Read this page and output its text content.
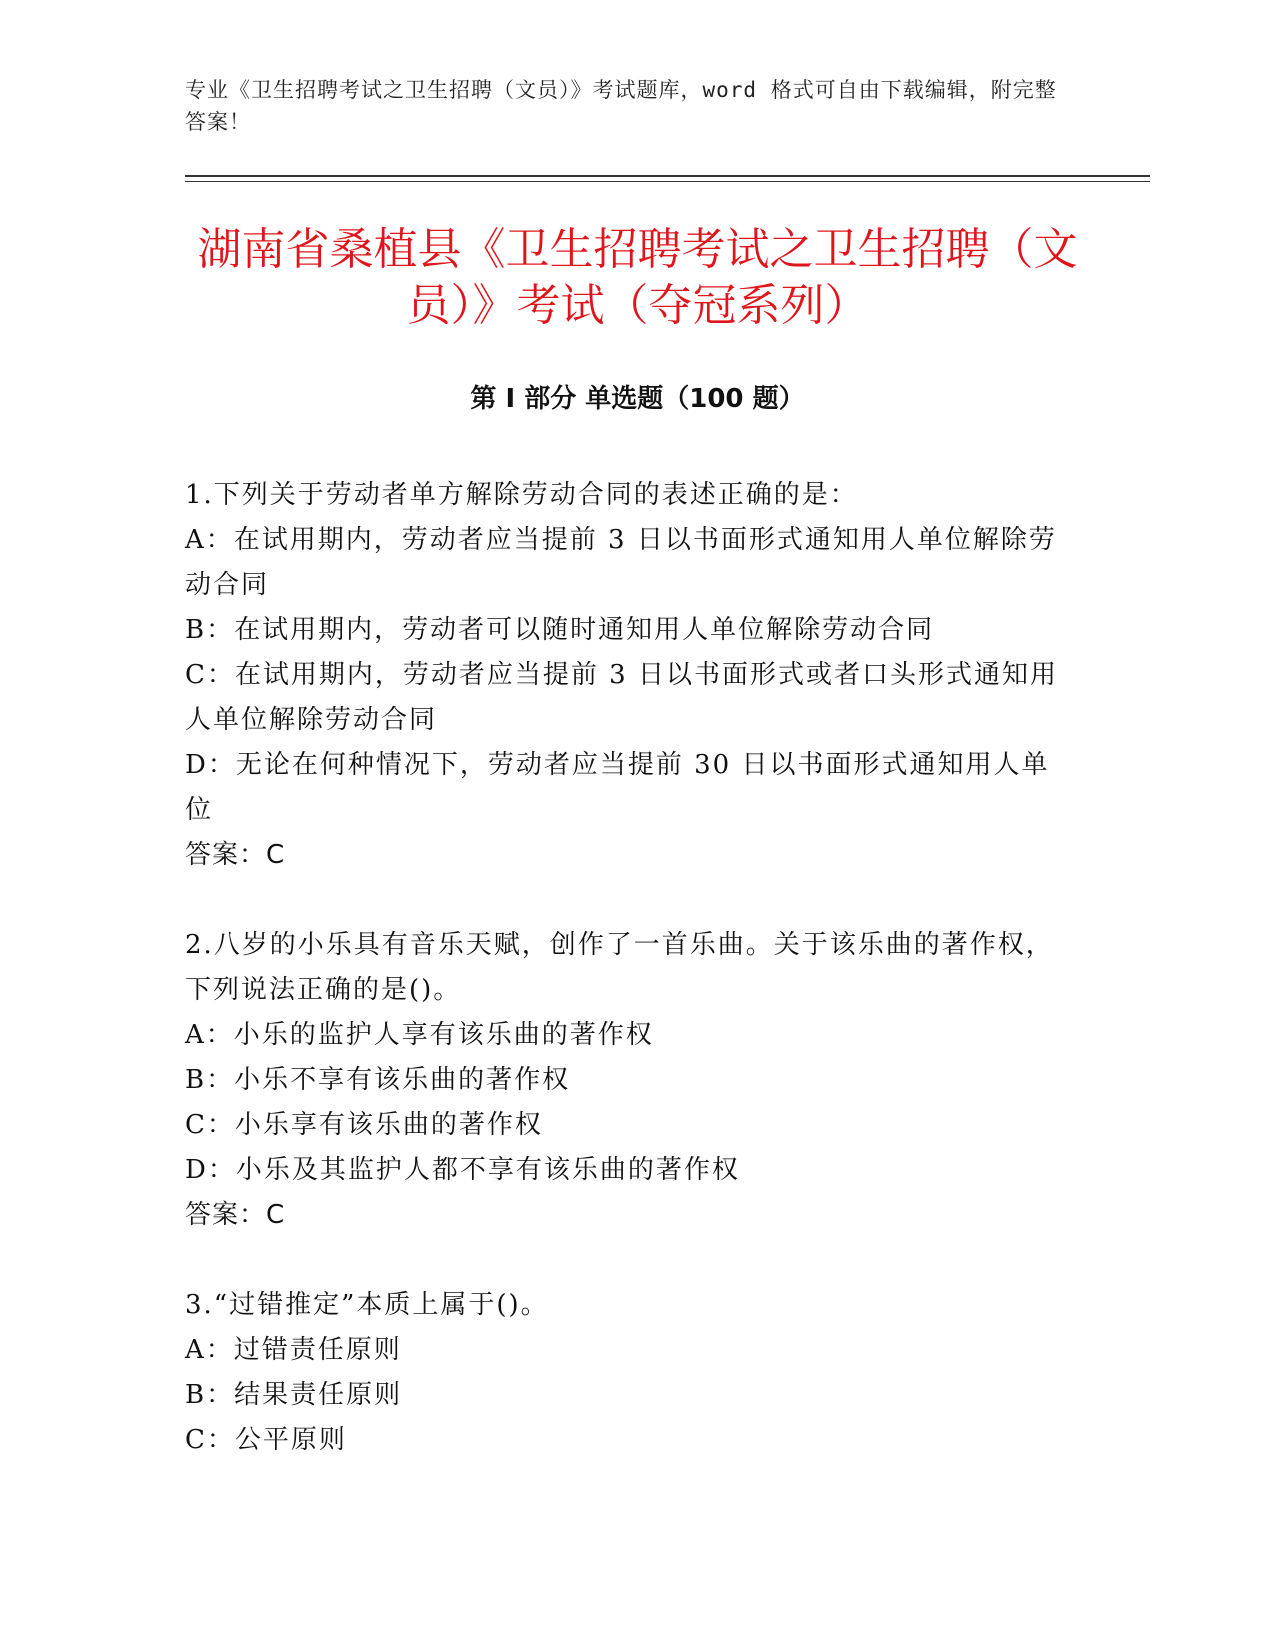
专业《卫生招聘考试之卫生招聘（文员）》考试题库，word 格式可自由下载编辑，附完整答案！
湖南省桑植县《卫生招聘考试之卫生招聘（文员）》考试（夺冠系列）
第 I 部分 单选题（100 题）

1.下列关于劳动者单方解除劳动合同的表述正确的是：

A：在试用期内，劳动者应当提前 3 日以书面形式通知用人单位解除劳动合同

B：在试用期内，劳动者可以随时通知用人单位解除劳动合同

C：在试用期内，劳动者应当提前 3 日以书面形式或者口头形式通知用人单位解除劳动合同

D：无论在何种情况下，劳动者应当提前 30 日以书面形式通知用人单位

答案：C

2.八岁的小乐具有音乐天赋，创作了一首乐曲。关于该乐曲的著作权，下列说法正确的是()。

A：小乐的监护人享有该乐曲的著作权

B：小乐不享有该乐曲的著作权

C：小乐享有该乐曲的著作权

D：小乐及其监护人都不享有该乐曲的著作权

答案：C

3.“过错推定”本质上属于()。

A：过错责任原则

B：结果责任原则

C：公平原则
